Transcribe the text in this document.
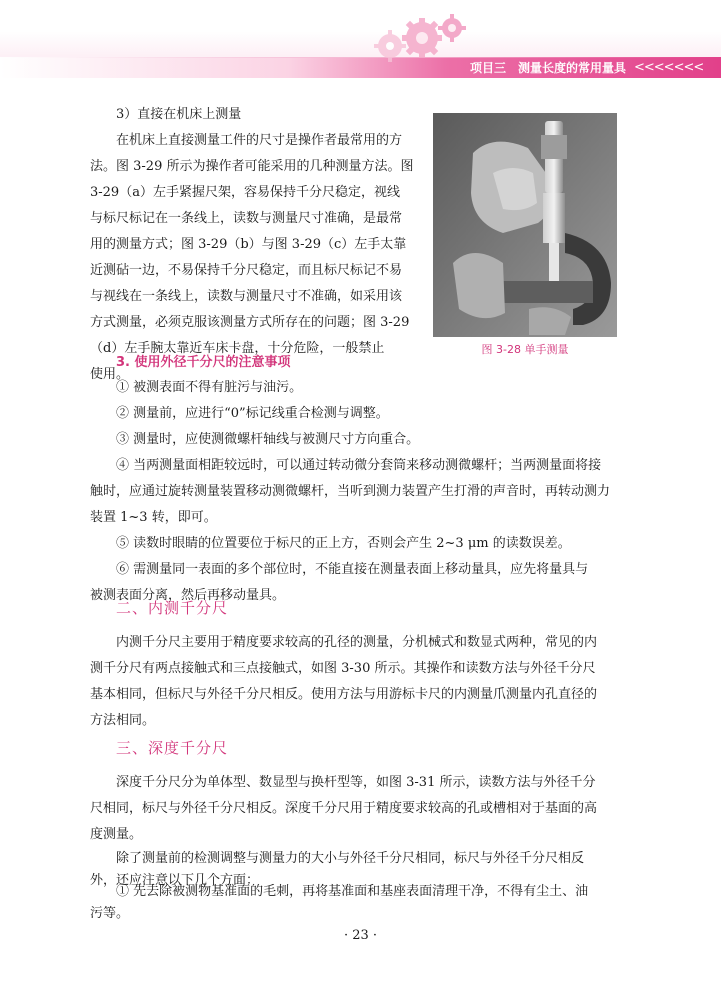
项目三 测量长度的常用量具 <<<<<<<
3）直接在机床上测量
在机床上直接测量工件的尺寸是操作者最常用的方
法。图 3-29 所示为操作者可能采用的几种测量方法。图
3-29（a）左手紧握尺架，容易保持千分尺稳定，视线
与标尺标记在一条线上，读数与测量尺寸准确，是最常
用的测量方式；图 3-29（b）与图 3-29（c）左手太靠
近测砧一边，不易保持千分尺稳定，而且标尺标记不易
与视线在一条线上，读数与测量尺寸不准确，如采用该
方式测量，必须克服该测量方式所存在的问题；图 3-29
（d）左手腕太靠近车床卡盘，十分危险，一般禁止
使用。
图 3-28 单手测量
3. 使用外径千分尺的注意事项
① 被测表面不得有脏污与油污。
② 测量前，应进行“0”标记线重合检测与调整。
③ 测量时，应使测微螺杆轴线与被测尺寸方向重合。
④ 当两测量面相距较远时，可以通过转动微分套筒来移动测微螺杆；当两测量面将接
触时，应通过旋转测量装置移动测微螺杆，当听到测力装置产生打滑的声音时，再转动测力
装置 1~3 转，即可。
⑤ 读数时眼睛的位置要位于标尺的正上方，否则会产生 2~3 μm 的读数误差。
⑥ 需测量同一表面的多个部位时，不能直接在测量表面上移动量具，应先将量具与
被测表面分离，然后再移动量具。
二、内测千分尺
内测千分尺主要用于精度要求较高的孔径的测量，分机械式和数显式两种，常见的内
测千分尺有两点接触式和三点接触式，如图 3-30 所示。其操作和读数方法与外径千分尺
基本相同，但标尺与外径千分尺相反。使用方法与用游标卡尺的内测量爪测量内孔直径的
方法相同。
三、深度千分尺
深度千分尺分为单体型、数显型与换杆型等，如图 3-31 所示，读数方法与外径千分
尺相同，标尺与外径千分尺相反。深度千分尺用于精度要求较高的孔或槽相对于基面的高
度测量。
除了测量前的检测调整与测量力的大小与外径千分尺相同，标尺与外径千分尺相反
外，还应注意以下几个方面：
① 先去除被测物基准面的毛刺，再将基准面和基座表面清理干净，不得有尘土、油
污等。
· 23 ·
